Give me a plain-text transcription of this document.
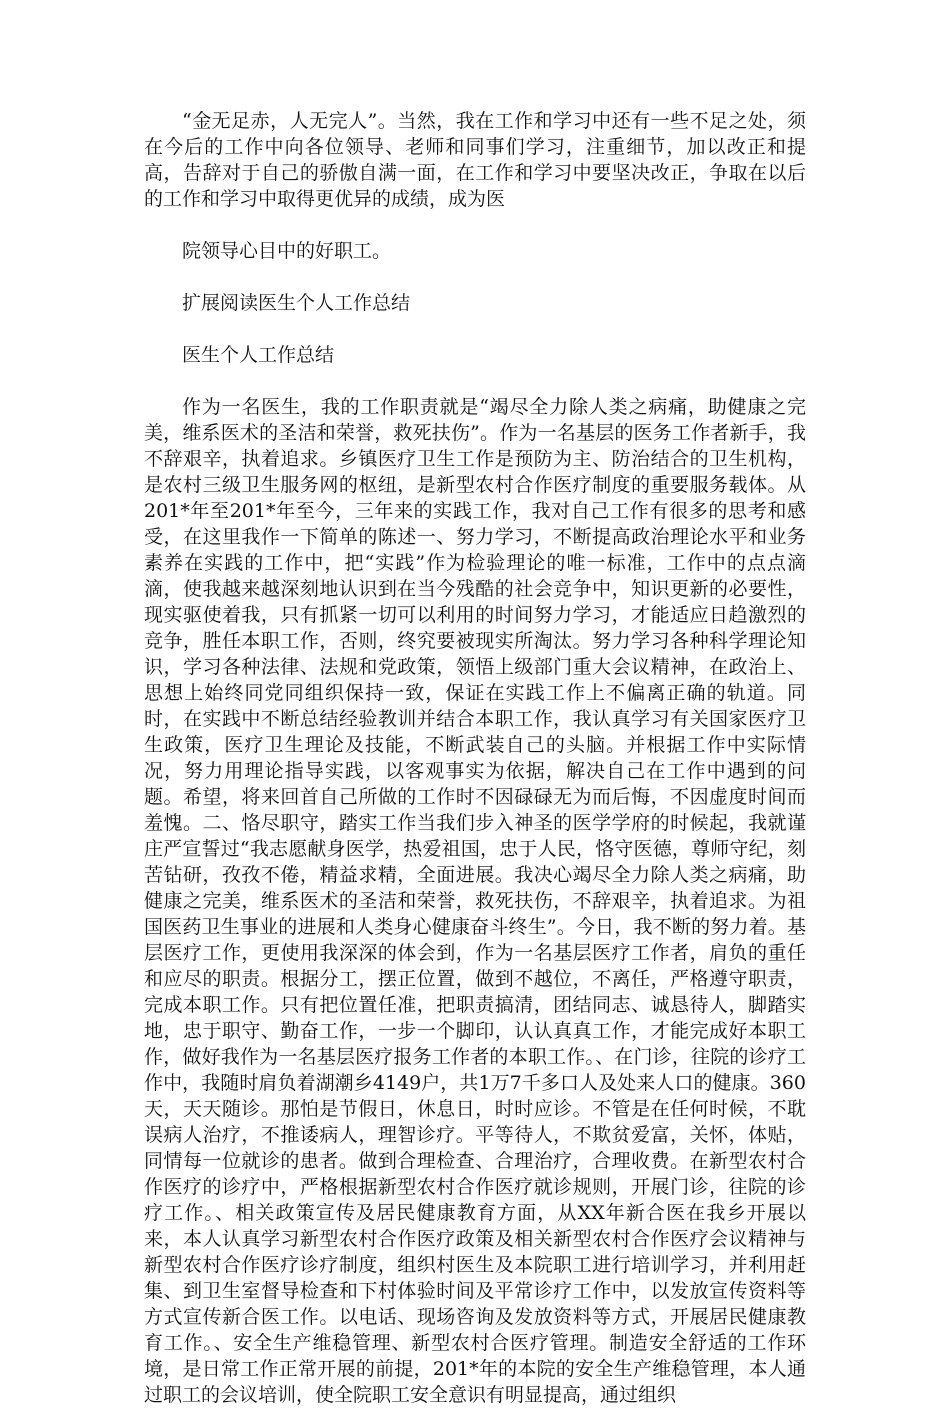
“金无足赤，人无完人”。当然，我在工作和学习中还有一些不足之处，须在今后的工作中向各位领导、老师和同事们学习，注重细节，加以改正和提高，告辞对于自己的骄傲自满一面，在工作和学习中要坚决改正，争取在以后的工作和学习中取得更优异的成绩，成为医

院领导心目中的好职工。

扩展阅读医生个人工作总结

医生个人工作总结

作为一名医生，我的工作职责就是“竭尽全力除人类之病痛，助健康之完美，维系医术的圣洁和荣誉，救死扶伤”。作为一名基层的医务工作者新手，我不辞艰辛，执着追求。乡镇医疗卫生工作是预防为主、防治结合的卫生机构，是农村三级卫生服务网的枢纽，是新型农村合作医疗制度的重要服务载体。从201*年至201*年至今，三年来的实践工作，我对自己工作有很多的思考和感受，在这里我作一下简单的陈述一、努力学习，不断提高政治理论水平和业务素养在实践的工作中，把“实践”作为检验理论的唯一标准，工作中的点点滴滴，使我越来越深刻地认识到在当今残酷的社会竞争中，知识更新的必要性，现实驱使着我，只有抓紧一切可以利用的时间努力学习，才能适应日趋激烈的竞争，胜任本职工作，否则，终究要被现实所淘汰。努力学习各种科学理论知识，学习各种法律、法规和党政策，领悟上级部门重大会议精神，在政治上、思想上始终同党同组织保持一致，保证在实践工作上不偏离正确的轨道。同时，在实践中不断总结经验教训并结合本职工作，我认真学习有关国家医疗卫生政策，医疗卫生理论及技能，不断武装自己的头脑。并根据工作中实际情况，努力用理论指导实践，以客观事实为依据，解决自己在工作中遇到的问题。希望，将来回首自己所做的工作时不因碌碌无为而后悔，不因虚度时间而羞愧。二、恪尽职守，踏实工作当我们步入神圣的医学学府的时候起，我就谨庄严宣誓过“我志愿献身医学，热爱祖国，忠于人民，恪守医德，尊师守纪，刻苦钻研，孜孜不倦，精益求精，全面进展。我决心竭尽全力除人类之病痛，助健康之完美，维系医术的圣洁和荣誉，救死扶伤，不辞艰辛，执着追求。为祖国医药卫生事业的进展和人类身心健康奋斗终生”。今日，我不断的努力着。基层医疗工作，更使用我深深的体会到，作为一名基层医疗工作者，肩负的重任和应尽的职责。根据分工，摆正位置，做到不越位，不离任，严格遵守职责，完成本职工作。只有把位置任准，把职责搞清，团结同志、诚恳待人，脚踏实地，忠于职守、勤奋工作，一步一个脚印，认认真真工作，才能完成好本职工作，做好我作为一名基层医疗报务工作者的本职工作。、在门诊，往院的诊疗工作中，我随时肩负着湖潮乡4149户，共1万7千多口人及处来人口的健康。360天，天天随诊。那怕是节假日，休息日，时时应诊。不管是在任何时候，不耽误病人治疗，不推诿病人，理智诊疗。平等待人，不欺贫爱富，关怀，体贴，同情每一位就诊的患者。做到合理检查、合理治疗，合理收费。在新型农村合作医疗的诊疗中，严格根据新型农村合作医疗就诊规则，开展门诊，往院的诊疗工作。、相关政策宣传及居民健康教育方面，从XX年新合医在我乡开展以来，本人认真学习新型农村合作医疗政策及相关新型农村合作医疗会议精神与新型农村合作医疗诊疗制度，组织村医生及本院职工进行培训学习，并利用赶集、到卫生室督导检查和下村体验时间及平常诊疗工作中，以发放宣传资料等方式宣传新合医工作。以电话、现场咨询及发放资料等方式，开展居民健康教育工作。、安全生产维稳管理、新型农村合医疗管理。制造安全舒适的工作环境，是日常工作正常开展的前提，201*年的本院的安全生产维稳管理，本人通过职工的会议培训，使全院职工安全意识有明显提高，通过组织
